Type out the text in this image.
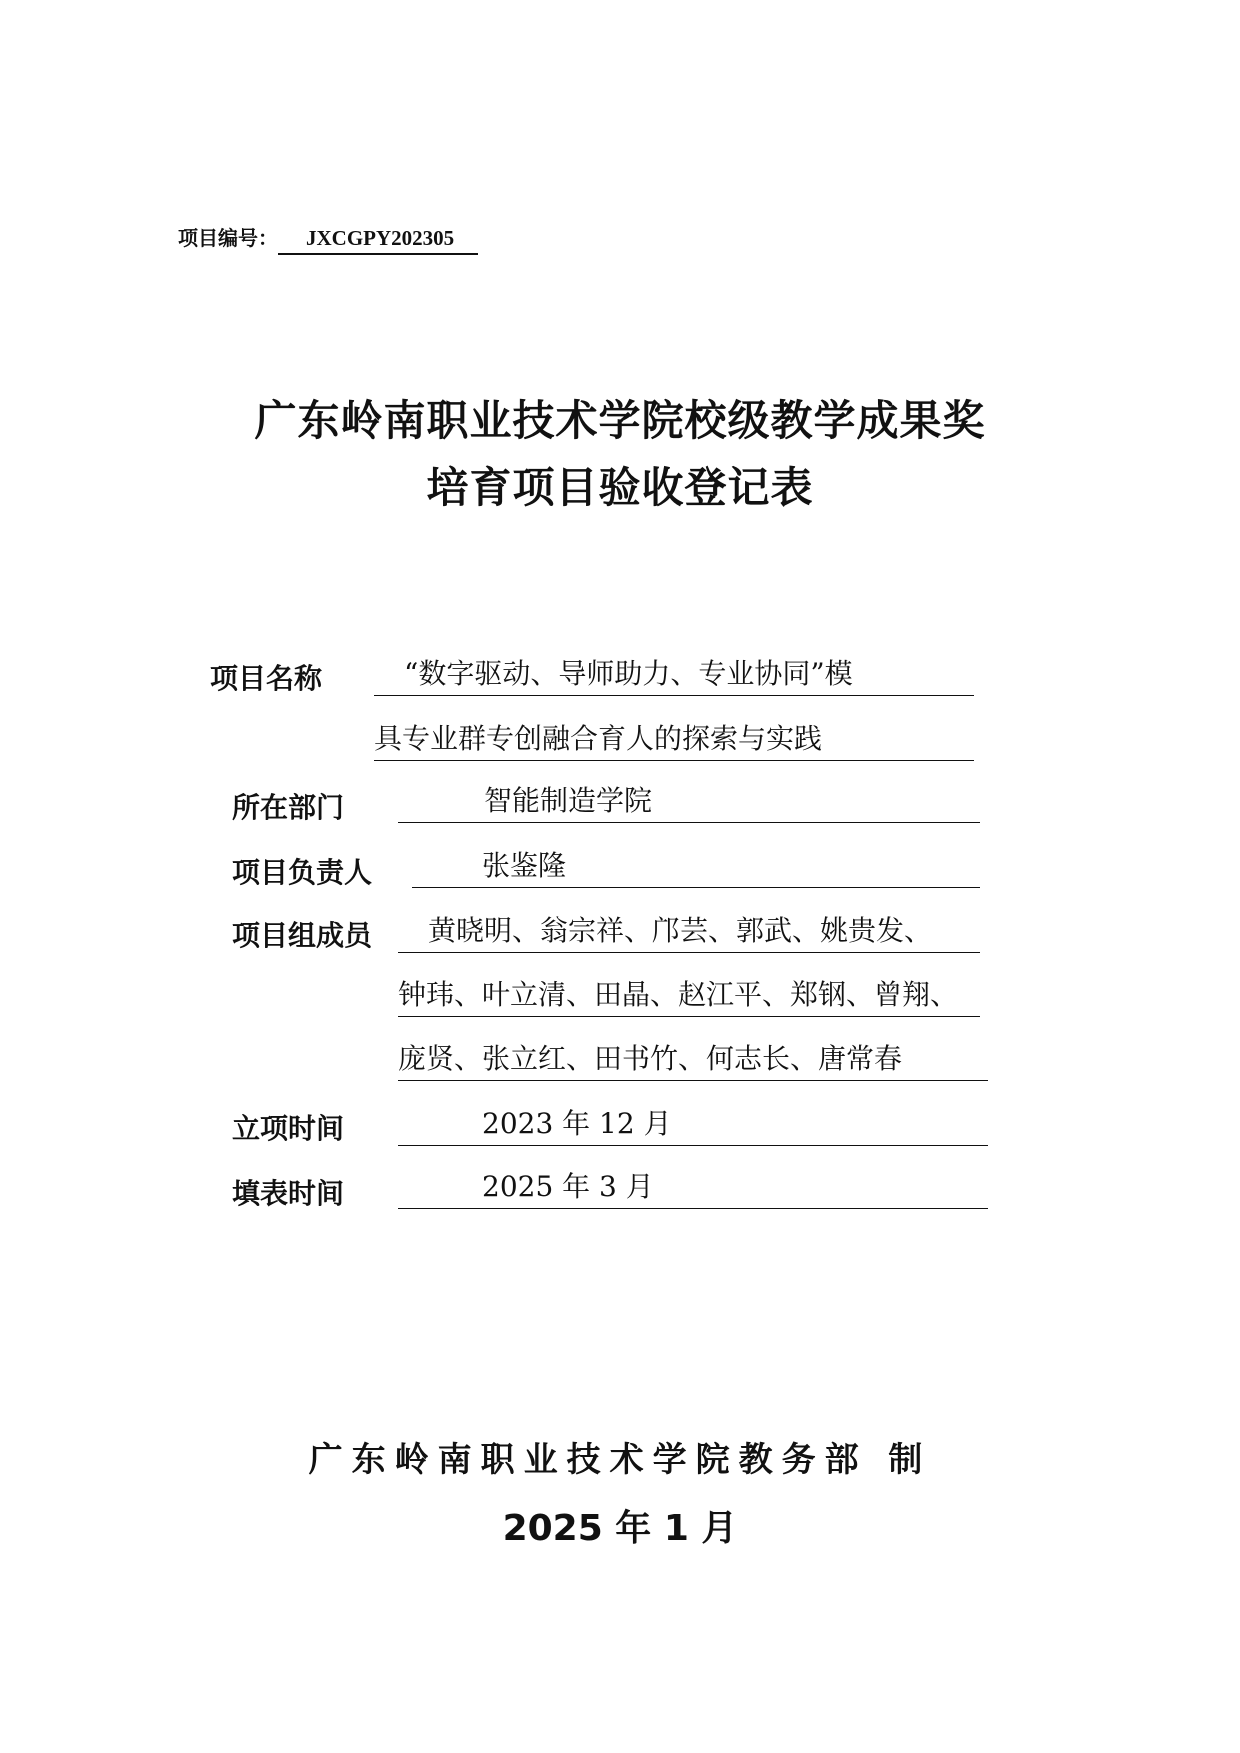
项目编号： JXCGPY202305
广东岭南职业技术学院校级教学成果奖
培育项目验收登记表
项目名称	“数字驱动、导师助力、专业协同”模
具专业群专创融合育人的探索与实践
所在部门	智能制造学院
项目负责人	张鉴隆
项目组成员	黄晓明、翁宗祥、邝芸、郭武、姚贵发、
钟玮、叶立清、田晶、赵江平、郑钢、曾翔、
庞贤、张立红、田书竹、何志长、唐常春
立项时间	2023 年 12 月
填表时间	2025 年 3 月
广东岭南职业技术学院教务部 制
2025 年 1 月
